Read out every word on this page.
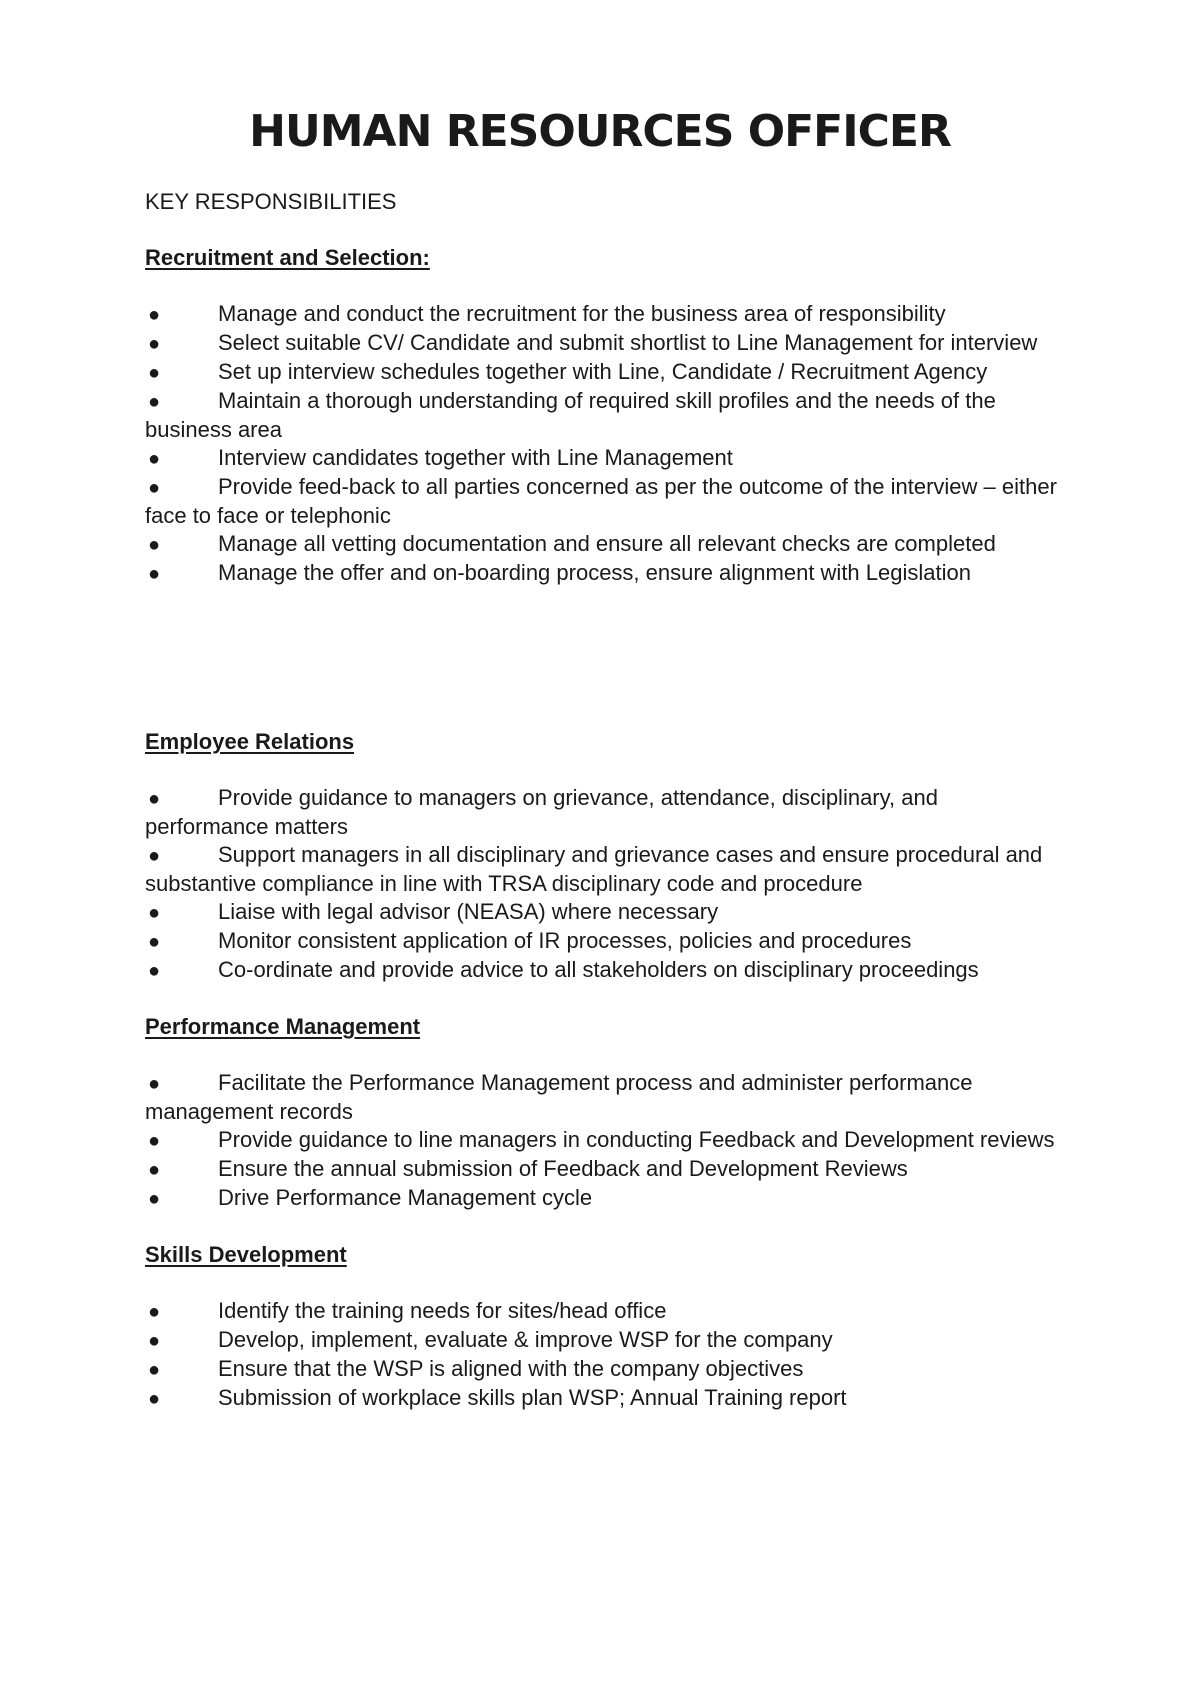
HUMAN RESOURCES OFFICER
KEY RESPONSIBILITIES
Recruitment and Selection:
●	Manage and conduct the recruitment for the business area of responsibility
●	Select suitable CV/ Candidate and submit shortlist to Line Management for interview
●	Set up interview schedules together with Line, Candidate / Recruitment Agency
●	Maintain a thorough understanding of required skill profiles and the needs of the business area
●	Interview candidates together with Line Management
●	Provide feed-back to all parties concerned as per the outcome of the interview – either face to face or telephonic
●	Manage all vetting documentation and ensure all relevant checks are completed
●	Manage the offer and on-boarding process, ensure alignment with Legislation
Employee Relations
●	Provide guidance to managers on grievance, attendance, disciplinary, and performance matters
●	Support managers in all disciplinary and grievance cases and ensure procedural and substantive compliance in line with TRSA disciplinary code and procedure
●	Liaise with legal advisor (NEASA) where necessary
●	Monitor consistent application of IR processes, policies and procedures
●	Co-ordinate and provide advice to all stakeholders on disciplinary proceedings
Performance Management
●	Facilitate the Performance Management process and administer performance management records
●	Provide guidance to line managers in conducting Feedback and Development reviews
●	Ensure the annual submission of Feedback and Development Reviews
●	Drive Performance Management cycle
Skills Development
●	Identify the training needs for sites/head office
●	Develop, implement, evaluate & improve WSP for the company
●	Ensure that the WSP is aligned with the company objectives
●	Submission of workplace skills plan WSP; Annual Training report
